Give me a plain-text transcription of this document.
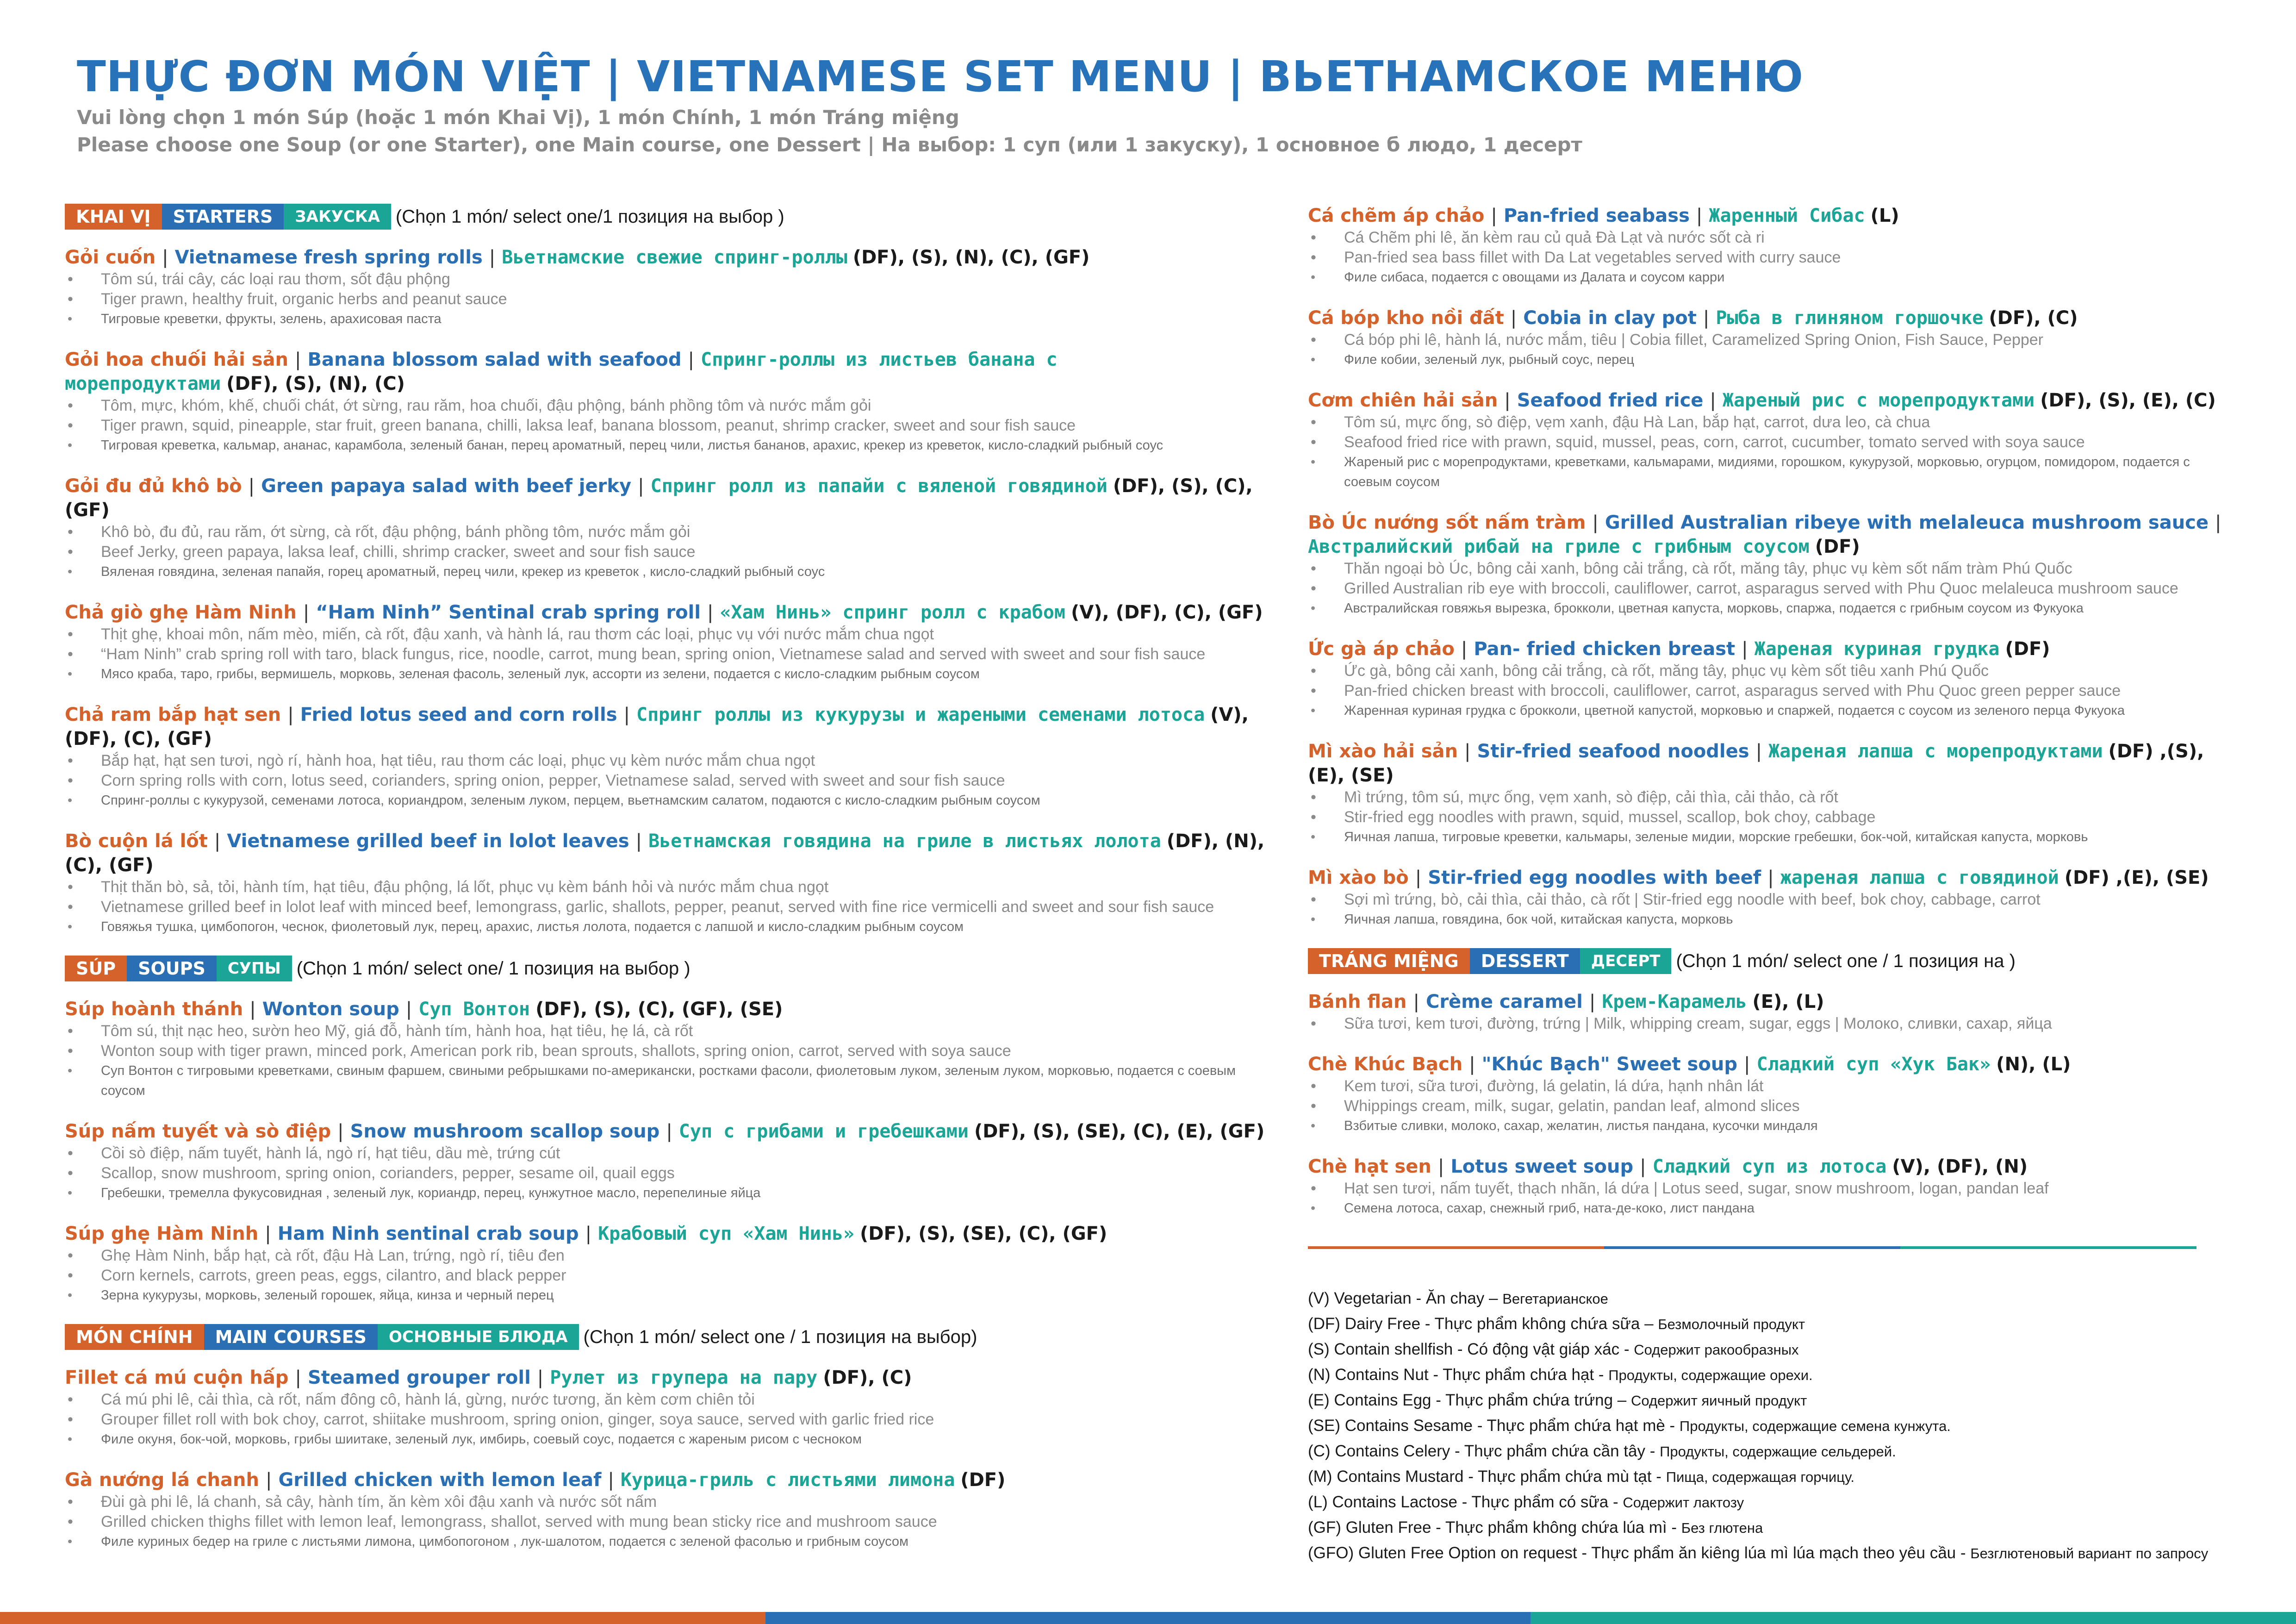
THỰC ĐƠN MÓN VIỆT | VIETNAMESE SET MENU | ВЬЕТНАМСКОЕ МЕНЮ
Vui lòng chọn 1 món Súp (hoặc 1 món Khai Vị), 1 món Chính, 1 món Tráng miệng
Please choose one Soup (or one Starter), one Main course, one Dessert | На выбор: 1 суп (или 1 закуску), 1 основное б людо, 1 десерт
KHAI VỊ	STARTERS	ЗАКУСКА (Chọn 1 món/ select one/1 позиция на выбор )
Gỏi cuốn | Vietnamese fresh spring rolls | Вьетнамские свежие спринг-роллы (DF), (S), (N), (C), (GF)
• Tôm sú, trái cây, các loại rau thơm, sốt đậu phộng
• Tiger prawn, healthy fruit, organic herbs and peanut sauce
• Тигровые креветки, фрукты, зелень, арахисовая паста
Gỏi hoa chuối hải sản | Banana blossom salad with seafood | Спринг-роллы из листьев банана с морепродуктами (DF), (S), (N), (C)
• Tôm, mực, khóm, khế, chuối chát, ớt sừng, rau răm, hoa chuối, đậu phộng, bánh phồng tôm và nước mắm gỏi
• Tiger prawn, squid, pineapple, star fruit, green banana, chilli, laksa leaf, banana blossom, peanut, shrimp cracker, sweet and sour fish sauce
• Тигровая креветка, кальмар, ананас, карамбола, зеленый банан, перец ароматный, перец чили, листья бананов, арахис, крекер из креветок, кисло-сладкий рыбный соус
Gỏi đu đủ khô bò | Green papaya salad with beef jerky | Спринг ролл из папайи с вяленой говядиной (DF), (S), (C), (GF)
• Khô bò, đu đủ, rau răm, ớt sừng, cà rốt, đậu phộng, bánh phồng tôm, nước mắm gỏi
• Beef Jerky, green papaya, laksa leaf, chilli, shrimp cracker, sweet and sour fish sauce
• Вяленая говядина, зеленая папайя, горец ароматный, перец чили, крекер из креветок , кисло-сладкий рыбный соус
Chả giò ghẹ Hàm Ninh | “Ham Ninh” Sentinal crab spring roll | «Хам Нинь» спринг ролл с крабом (V), (DF), (C), (GF)
• Thịt ghẹ, khoai môn, nấm mèo, miến, cà rốt, đậu xanh, và hành lá, rau thơm các loại, phục vụ với nước mắm chua ngọt
• “Ham Ninh” crab spring roll with taro, black fungus, rice, noodle, carrot, mung bean, spring onion, Vietnamese salad and served with sweet and sour fish sauce
• Мясо краба, таро, грибы, вермишель, морковь, зеленая фасоль, зеленый лук, ассорти из зелени, подается с кисло-сладким рыбным соусом
Chả ram bắp hạt sen | Fried lotus seed and corn rolls | Спринг роллы из кукурузы и жареными семенами лотоса (V), (DF), (C), (GF)
• Bắp hạt, hạt sen tươi, ngò rí, hành hoa, hạt tiêu, rau thơm các loại, phục vụ kèm nước mắm chua ngọt
• Corn spring rolls with corn, lotus seed, corianders, spring onion, pepper, Vietnamese salad, served with sweet and sour fish sauce
• Спринг-роллы с кукурузой, семенами лотоса, кориандром, зеленым луком, перцем, вьетнамским салатом, подаются с кисло-сладким рыбным соусом
Bò cuộn lá lốt | Vietnamese grilled beef in lolot leaves | Вьетнамская говядина на гриле в листьях лолота (DF), (N), (C), (GF)
• Thịt thăn bò, sả, tỏi, hành tím, hạt tiêu, đậu phộng, lá lốt, phục vụ kèm bánh hỏi và nước mắm chua ngọt
• Vietnamese grilled beef in lolot leaf with minced beef, lemongrass, garlic, shallots, pepper, peanut, served with fine rice vermicelli and sweet and sour fish sauce
• Говяжья тушка, цимбопогон, чеснок, фиолетовый лук, перец, арахис, листья лолота, подается с лапшой и кисло-сладким рыбным соусом
SÚP	SOUPS	СУПЫ (Chọn 1 món/ select one/ 1 позиция на выбор )
Súp hoành thánh | Wonton soup | Суп Вонтон (DF), (S), (C), (GF), (SE)
• Tôm sú, thịt nạc heo, sườn heo Mỹ, giá đỗ, hành tím, hành hoa, hạt tiêu, hẹ lá, cà rốt
• Wonton soup with tiger prawn, minced pork, American pork rib, bean sprouts, shallots, spring onion, carrot, served with soya sauce
• Суп Вонтон с тигровыми креветками, свиным фаршем, свиными ребрышками по-американски, ростками фасоли, фиолетовым луком, зеленым луком, морковью, подается с соевым соусом
Súp nấm tuyết và sò điệp | Snow mushroom scallop soup | Суп с грибами и гребешками (DF), (S), (SE), (C), (E), (GF)
• Cồi sò điệp, nấm tuyết, hành lá, ngò rí, hạt tiêu, dầu mè, trứng cút
• Scallop, snow mushroom, spring onion, corianders, pepper, sesame oil, quail eggs
• Гребешки, тремелла фукусовидная , зеленый лук, кориандр, перец, кунжутное масло, перепелиные яйца
Súp ghẹ Hàm Ninh | Ham Ninh sentinal crab soup | Крабовый суп «Хам Нинь» (DF), (S), (SE), (C), (GF)
• Ghẹ Hàm Ninh, bắp hạt, cà rốt, đậu Hà Lan, trứng, ngò rí, tiêu đen
• Corn kernels, carrots, green peas, eggs, cilantro, and black pepper
• Зерна кукурузы, морковь, зеленый горошек, яйца, кинза и черный перец
MÓN CHÍNH	MAIN COURSES	ОСНОВНЫЕ БЛЮДА (Chọn 1 món/ select one / 1 позиция на выбор)
Fillet cá mú cuộn hấp | Steamed grouper roll | Рулет из групера на пару (DF), (C)
• Cá mú phi lê, cải thìa, cà rốt, nấm đông cô, hành lá, gừng, nước tương, ăn kèm cơm chiên tỏi
• Grouper fillet roll with bok choy, carrot, shiitake mushroom, spring onion, ginger, soya sauce, served with garlic fried rice
• Филе окуня, бок-чой, морковь, грибы шиитаке, зеленый лук, имбирь, соевый соус, подается с жареным рисом с чесноком
Gà nướng lá chanh | Grilled chicken with lemon leaf | Курица-гриль с листьями лимона (DF)
• Đùi gà phi lê, lá chanh, sả cây, hành tím, ăn kèm xôi đậu xanh và nước sốt nấm
• Grilled chicken thighs fillet with lemon leaf, lemongrass, shallot, served with mung bean sticky rice and mushroom sauce
• Филе куриных бедер на гриле с листьями лимона, цимбопогоном , лук-шалотом, подается с зеленой фасолью и грибным соусом
Cá chẽm áp chảo | Pan-fried seabass | Жаренный Сибас (L)
• Cá Chẽm phi lê, ăn kèm rau củ quả Đà Lạt và nước sốt cà ri
• Pan-fried sea bass fillet with Da Lat vegetables served with curry sauce
• Филе сибаса, подается с овощами из Далата и соусом карри
Cá bóp kho nồi đất | Cobia in clay pot | Рыба в глиняном горшочке (DF), (C)
• Cá bóp phi lê, hành lá, nước mắm, tiêu | Cobia fillet, Caramelized Spring Onion, Fish Sauce, Pepper
• Филе кобии, зеленый лук, рыбный соус, перец
Cơm chiên hải sản | Seafood fried rice | Жареный рис с морепродуктами (DF), (S), (E), (C)
• Tôm sú, mực ống, sò điệp, vẹm xanh, đậu Hà Lan, bắp hạt, carrot, dưa leo, cà chua
• Seafood fried rice with prawn, squid, mussel, peas, corn, carrot, cucumber, tomato served with soya sauce
• Жареный рис с морепродуктами, креветками, кальмарами, мидиями, горошком, кукурузой, морковью, огурцом, помидором, подается с соевым соусом
Bò Úc nướng sốt nấm tràm | Grilled Australian ribeye with melaleuca mushroom sauce |Австралийский рибай на гриле с грибным соусом (DF)
• Thăn ngoại bò Úc, bông cải xanh, bông cải trắng, cà rốt, măng tây, phục vụ kèm sốt nấm tràm Phú Quốc
• Grilled Australian rib eye with broccoli, cauliflower, carrot, asparagus served with Phu Quoc melaleuca mushroom sauce
• Австралийская говяжья вырезка, брокколи, цветная капуста, морковь, спаржа, подается с грибным соусом из Фукуока
Ức gà áp chảo | Pan- fried chicken breast | Жареная куриная грудка (DF)
• Ức gà, bông cải xanh, bông cải trắng, cà rốt, măng tây, phục vụ kèm sốt tiêu xanh Phú Quốc
• Pan-fried chicken breast with broccoli, cauliflower, carrot, asparagus served with Phu Quoc green pepper sauce
• Жаренная куриная грудка с брокколи, цветной капустой, морковью и спаржей, подается с соусом из зеленого перца Фукуока
Mì xào hải sản | Stir-fried seafood noodles | Жареная лапша с морепродуктами (DF) ,(S), (E), (SE)
• Mì trứng, tôm sú, mực ống, vẹm xanh, sò điệp, cải thìa, cải thảo, cà rốt
• Stir-fried egg noodles with prawn, squid, mussel, scallop, bok choy, cabbage
• Яичная лапша, тигровые креветки, кальмары, зеленые мидии, морские гребешки, бок-чой, китайская капуста, морковь
Mì xào bò | Stir-fried egg noodles with beef | жареная лапша с говядиной (DF) ,(E), (SE)
• Sợi mì trứng, bò, cải thìa, cải thảo, cà rốt | Stir-fried egg noodle with beef, bok choy, cabbage, carrot
• Яичная лапша, говядина, бок чой, китайская капуста, морковь
TRÁNG MIỆNG	DESSERT	ДЕСЕРТ (Chọn 1 món/ select one / 1 позиция на )
Bánh flan | Crème caramel | Крем-Карамель (E), (L)
• Sữa tươi, kem tươi, đường, trứng | Milk, whipping cream, sugar, eggs | Молоко, сливки, сахар, яйца
Chè Khúc Bạch | "Khúc Bạch" Sweet soup | Сладкий суп «Хук Бак» (N), (L)
• Kem tươi, sữa tươi, đường, lá gelatin, lá dứa, hạnh nhân lát
• Whippings cream, milk, sugar, gelatin, pandan leaf, almond slices
• Взбитые сливки, молоко, сахар, желатин, листья пандана, кусочки миндаля
Chè hạt sen | Lotus sweet soup | Сладкий суп из лотоса (V), (DF), (N)
• Hạt sen tươi, nấm tuyết, thạch nhãn, lá dứa | Lotus seed, sugar, snow mushroom, logan, pandan leaf
• Семена лотоса, сахар, снежный гриб, ната-де-коко, лист пандана
(V) Vegetarian - Ăn chay – Вегетарианское
(DF) Dairy Free - Thực phẩm không chứa sữa – Безмолочный продукт
(S) Contain shellfish - Có động vật giáp xác - Содержит ракообразных
(N) Contains Nut - Thực phẩm chứa hạt - Продукты, содержащие орехи.
(E) Contains Egg - Thực phẩm chứa trứng – Содержит яичный продукт
(SE) Contains Sesame - Thực phẩm chứa hạt mè - Продукты, содержащие семена кунжута.
(C) Contains Celery - Thực phẩm chứa cần tây - Продукты, содержащие сельдерей.
(M) Contains Mustard - Thực phẩm chứa mù tạt - Пища, содержащая горчицу.
(L) Contains Lactose - Thực phẩm có sữa - Содержит лактозу
(GF) Gluten Free - Thực phẩm không chứa lúa mì - Без глютена
(GFO) Gluten Free Option on request - Thực phẩm ăn kiêng lúa mì lúa mạch theo yêu cầu - Безглютеновый вариант по запросу
